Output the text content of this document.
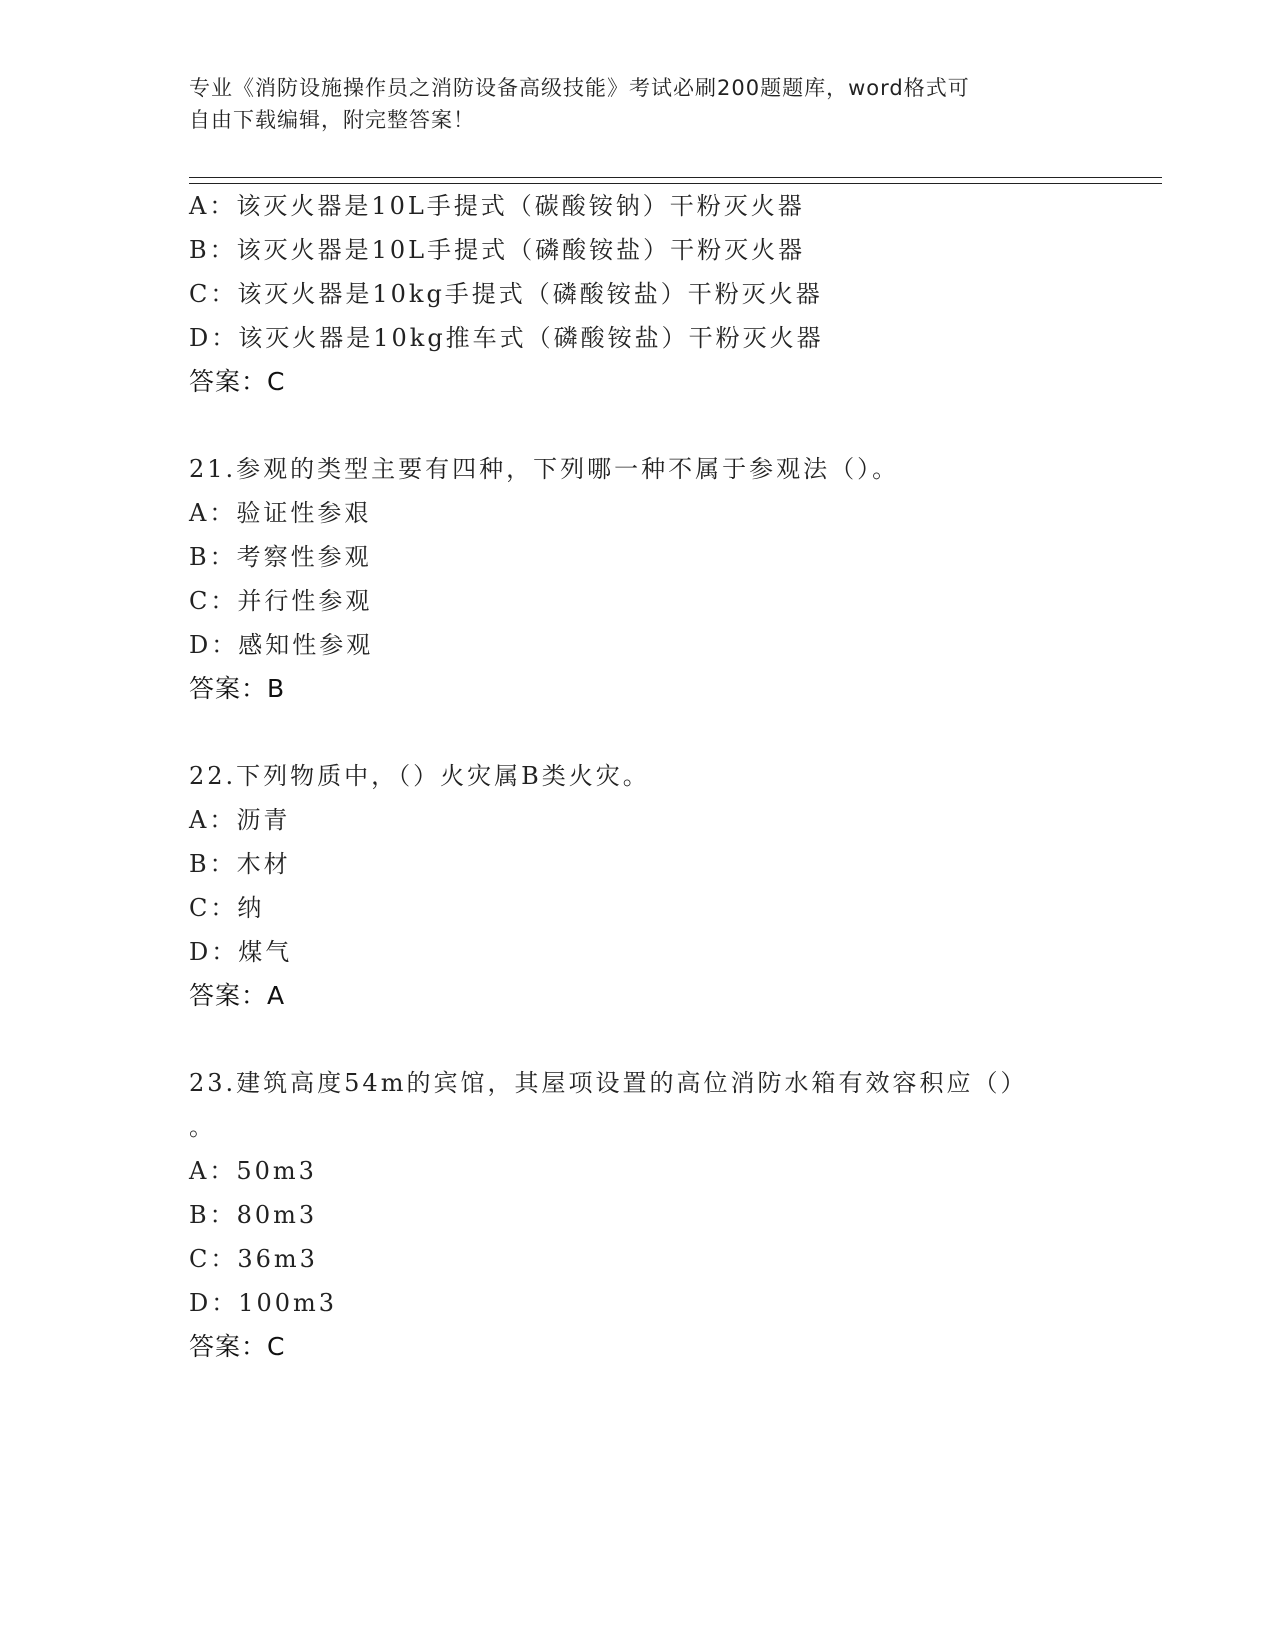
专业《消防设施操作员之消防设备高级技能》考试必刷200题题库，word格式可
自由下载编辑，附完整答案！
A：该灭火器是10L手提式（碳酸铵钠）干粉灭火器
B：该灭火器是10L手提式（磷酸铵盐）干粉灭火器
C：该灭火器是10kg手提式（磷酸铵盐）干粉灭火器
D：该灭火器是10kg推车式（磷酸铵盐）干粉灭火器
答案：C
21.参观的类型主要有四种，下列哪一种不属于参观法（）。
A：验证性参艰
B：考察性参观
C：并行性参观
D：感知性参观
答案：B
22.下列物质中，（）火灾属B类火灾。
A：沥青
B：木材
C：纳
D：煤气
答案：A
23.建筑高度54m的宾馆，其屋项设置的高位消防水箱有效容积应（）
。
A：50m3
B：80m3
C：36m3
D：100m3
答案：C
